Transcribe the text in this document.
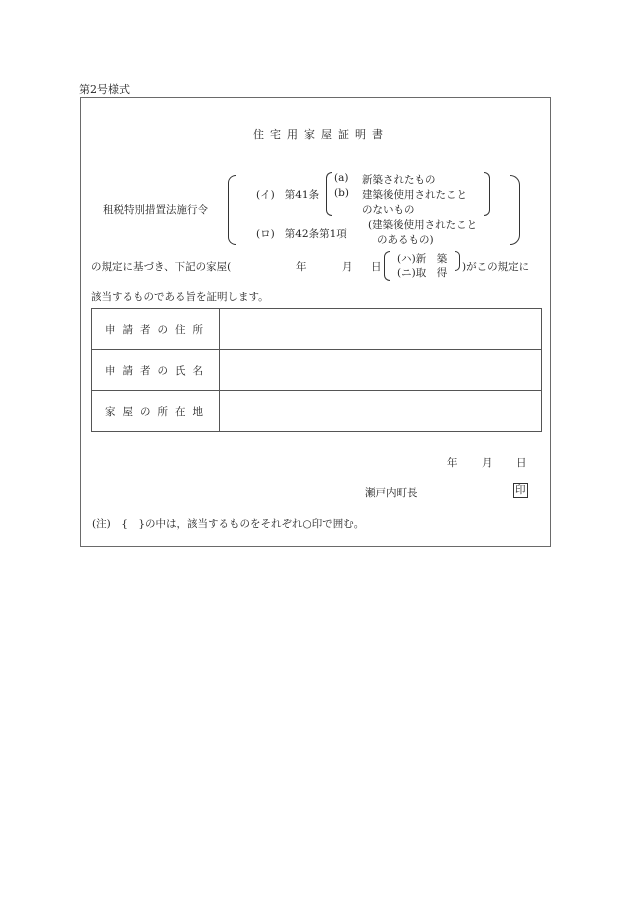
第2号様式
住宅用家屋証明書
租税特別措置法施行令
(イ) 第41条
(a) 新築されたもの
(b) 建築後使用されたこと
のないもの
(ロ) 第42条第1項
(建築後使用されたこと
のあるもの)
の規定に基づき、下記の家屋(	年	月 日
(ハ)新　築
(ニ)取　得 )がこの規定に
該当するものである旨を証明します。
申請者の住所	
申請者の氏名	
家屋の所在地	
年 月 日
瀬戸内町長	印
(注)　{　}の中は，該当するものをそれぞれ○印で囲む。
